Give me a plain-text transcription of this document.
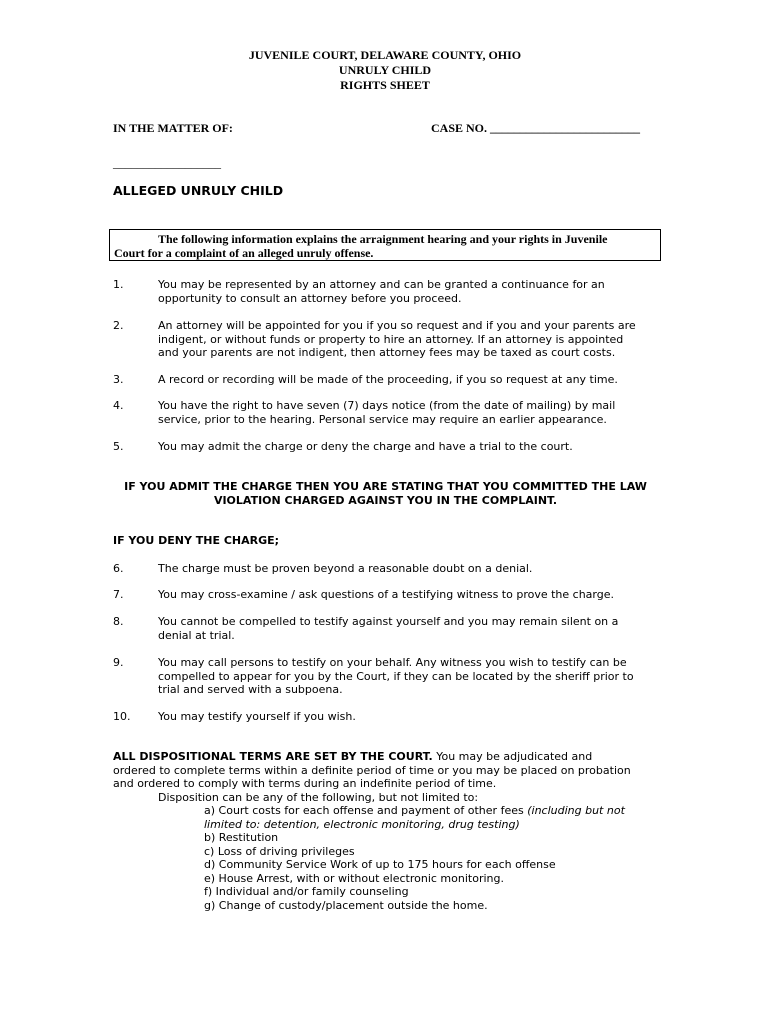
JUVENILE COURT, DELAWARE COUNTY, OHIO
UNRULY CHILD
RIGHTS SHEET
IN THE MATTER OF:	CASE NO. _________________________
__________________
ALLEGED UNRULY CHILD
The following information explains the arraignment hearing and your rights in Juvenile
Court for a complaint of an alleged unruly offense.
1.	You may be represented by an attorney and can be granted a continuance for an
opportunity to consult an attorney before you proceed.
2.	An attorney will be appointed for you if you so request and if you and your parents are
indigent, or without funds or property to hire an attorney. If an attorney is appointed
and your parents are not indigent, then attorney fees may be taxed as court costs.
3.	A record or recording will be made of the proceeding, if you so request at any time.
4.	You have the right to have seven (7) days notice (from the date of mailing) by mail
service, prior to the hearing. Personal service may require an earlier appearance.
5.	You may admit the charge or deny the charge and have a trial to the court.
IF YOU ADMIT THE CHARGE THEN YOU ARE STATING THAT YOU COMMITTED THE LAW
VIOLATION CHARGED AGAINST YOU IN THE COMPLAINT.
IF YOU DENY THE CHARGE;
6.	The charge must be proven beyond a reasonable doubt on a denial.
7.	You may cross-examine / ask questions of a testifying witness to prove the charge.
8.	You cannot be compelled to testify against yourself and you may remain silent on a
denial at trial.
9.	You may call persons to testify on your behalf. Any witness you wish to testify can be
compelled to appear for you by the Court, if they can be located by the sheriff prior to
trial and served with a subpoena.
10.	You may testify yourself if you wish.
ALL DISPOSITIONAL TERMS ARE SET BY THE COURT. You may be adjudicated and
ordered to complete terms within a definite period of time or you may be placed on probation
and ordered to comply with terms during an indefinite period of time.
Disposition can be any of the following, but not limited to:
a) Court costs for each offense and payment of other fees (including but not
limited to: detention, electronic monitoring, drug testing)
b) Restitution
c) Loss of driving privileges
d) Community Service Work of up to 175 hours for each offense
e) House Arrest, with or without electronic monitoring.
f) Individual and/or family counseling
g) Change of custody/placement outside the home.
